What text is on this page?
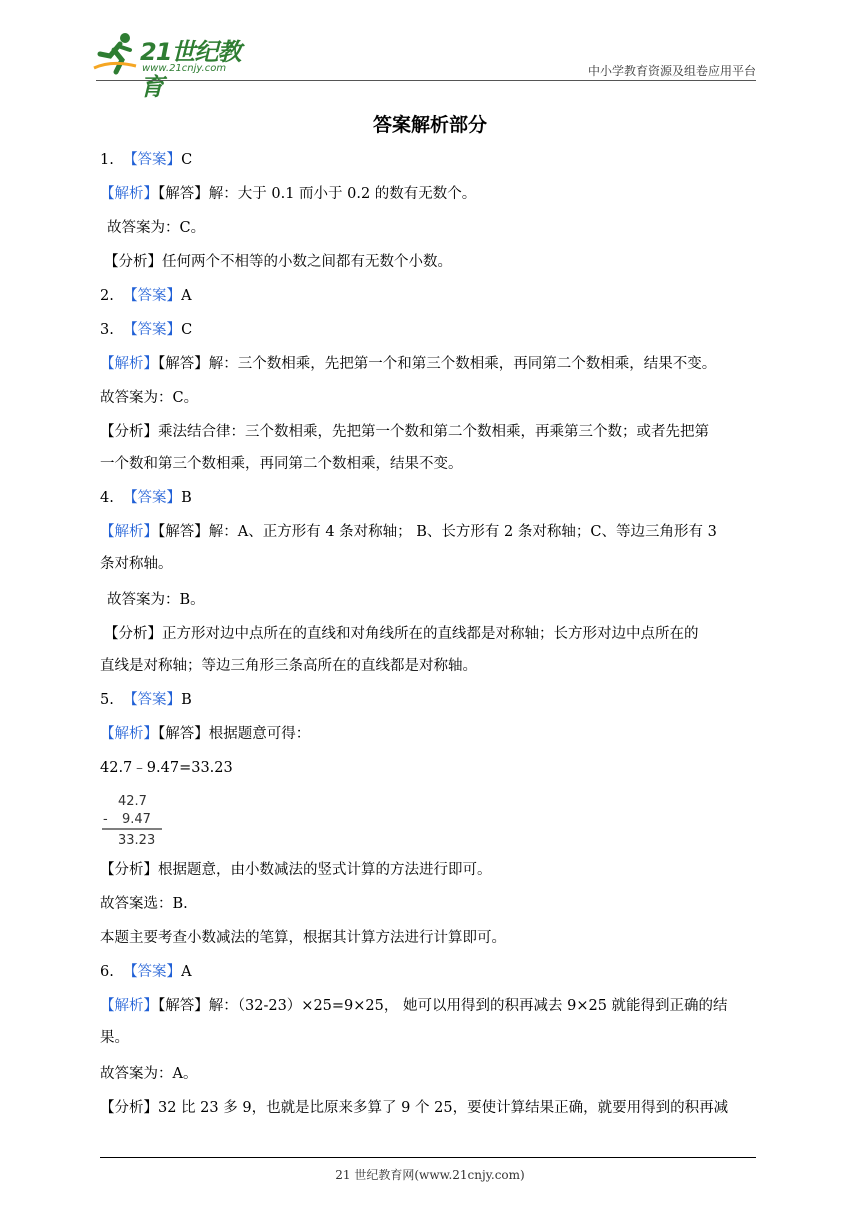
21世纪教育
www.21cnjy.com	中小学教育资源及组卷应用平台
答案解析部分
1. 【答案】C
【解析】【解答】解：大于 0.1 而小于 0.2 的数有无数个。
故答案为：C。
【分析】任何两个不相等的小数之间都有无数个小数。
2. 【答案】A
3. 【答案】C
【解析】【解答】解：三个数相乘，先把第一个和第三个数相乘，再同第二个数相乘，结果不变。
故答案为：C。
【分析】乘法结合律：三个数相乘，先把第一个数和第二个数相乘，再乘第三个数；或者先把第
一个数和第三个数相乘，再同第二个数相乘，结果不变。
4. 【答案】B
【解析】【解答】解：A、正方形有 4 条对称轴； B、长方形有 2 条对称轴；C、等边三角形有 3
条对称轴。
故答案为：B。
【分析】正方形对边中点所在的直线和对角线所在的直线都是对称轴；长方形对边中点所在的
直线是对称轴；等边三角形三条高所在的直线都是对称轴。
5. 【答案】B
【解析】【解答】根据题意可得：
42.7﹣9.47=33.23
42.7
- 9.47
33.23
【分析】根据题意，由小数减法的竖式计算的方法进行即可。
故答案选：B.
本题主要考查小数减法的笔算，根据其计算方法进行计算即可。
6. 【答案】A
【解析】【解答】解：（32-23）×25=9×25， 她可以用得到的积再减去 9×25 就能得到正确的结
果。
故答案为：A。
【分析】32 比 23 多 9，也就是比原来多算了 9 个 25，要使计算结果正确，就要用得到的积再减
21 世纪教育网(www.21cnjy.com)
